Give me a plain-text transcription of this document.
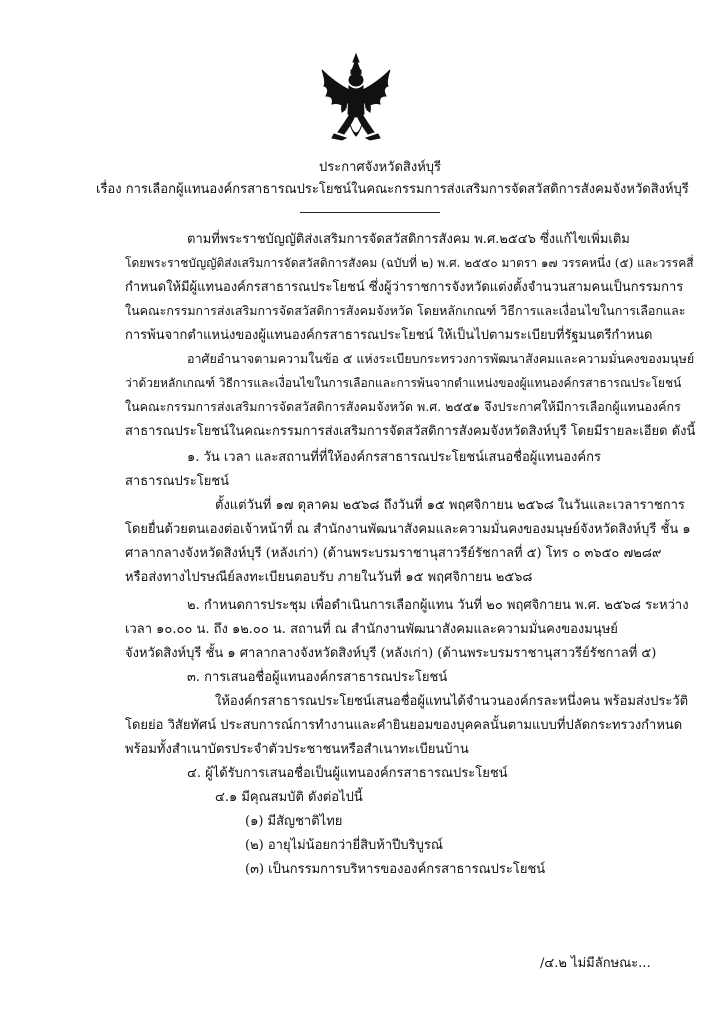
ประกาศจังหวัดสิงห์บุรี
เรื่อง การเลือกผู้แทนองค์กรสาธารณประโยชน์ในคณะกรรมการส่งเสริมการจัดสวัสดิการสังคมจังหวัดสิงห์บุรี
ตามที่พระราชบัญญัติส่งเสริมการจัดสวัสดิการสังคม พ.ศ.๒๕๔๖ ซึ่งแก้ไขเพิ่มเติม
โดยพระราชบัญญัติส่งเสริมการจัดสวัสดิการสังคม (ฉบับที่ ๒) พ.ศ. ๒๕๕๐ มาตรา ๑๗ วรรคหนึ่ง (๕) และวรรคสี่
กำหนดให้มีผู้แทนองค์กรสาธารณประโยชน์ ซึ่งผู้ว่าราชการจังหวัดแต่งตั้งจำนวนสามคนเป็นกรรมการ
ในคณะกรรมการส่งเสริมการจัดสวัสดิการสังคมจังหวัด โดยหลักเกณฑ์ วิธีการและเงื่อนไขในการเลือกและ
การพ้นจากตำแหน่งของผู้แทนองค์กรสาธารณประโยชน์ ให้เป็นไปตามระเบียบที่รัฐมนตรีกำหนด
อาศัยอำนาจตามความในข้อ ๕ แห่งระเบียบกระทรวงการพัฒนาสังคมและความมั่นคงของมนุษย์
ว่าด้วยหลักเกณฑ์ วิธีการและเงื่อนไขในการเลือกและการพ้นจากตำแหน่งของผู้แทนองค์กรสาธารณประโยชน์
ในคณะกรรมการส่งเสริมการจัดสวัสดิการสังคมจังหวัด พ.ศ. ๒๕๕๑ จึงประกาศให้มีการเลือกผู้แทนองค์กร
สาธารณประโยชน์ในคณะกรรมการส่งเสริมการจัดสวัสดิการสังคมจังหวัดสิงห์บุรี โดยมีรายละเอียด ดังนี้
๑. วัน เวลา และสถานที่ที่ให้องค์กรสาธารณประโยชน์เสนอชื่อผู้แทนองค์กร
สาธารณประโยชน์
ตั้งแต่วันที่ ๑๗ ตุลาคม ๒๕๖๘ ถึงวันที่ ๑๕ พฤศจิกายน ๒๕๖๘ ในวันและเวลาราชการ
โดยยื่นด้วยตนเองต่อเจ้าหน้าที่ ณ สำนักงานพัฒนาสังคมและความมั่นคงของมนุษย์จังหวัดสิงห์บุรี ชั้น ๑
ศาลากลางจังหวัดสิงห์บุรี (หลังเก่า) (ด้านพระบรมราชานุสาวรีย์รัชกาลที่ ๕) โทร ๐ ๓๖๕๐ ๗๒๘๙
หรือส่งทางไปรษณีย์ลงทะเบียนตอบรับ ภายในวันที่ ๑๕ พฤศจิกายน ๒๕๖๘
๒. กำหนดการประชุม เพื่อดำเนินการเลือกผู้แทน วันที่ ๒๐ พฤศจิกายน พ.ศ. ๒๕๖๘ ระหว่าง
เวลา ๑๐.๐๐ น. ถึง ๑๒.๐๐ น. สถานที่ ณ สำนักงานพัฒนาสังคมและความมั่นคงของมนุษย์
จังหวัดสิงห์บุรี ชั้น ๑ ศาลากลางจังหวัดสิงห์บุรี (หลังเก่า) (ด้านพระบรมราชานุสาวรีย์รัชกาลที่ ๕)
๓. การเสนอชื่อผู้แทนองค์กรสาธารณประโยชน์
ให้องค์กรสาธารณประโยชน์เสนอชื่อผู้แทนได้จำนวนองค์กรละหนึ่งคน พร้อมส่งประวัติ
โดยย่อ วิสัยทัศน์ ประสบการณ์การทำงานและคำยินยอมของบุคคลนั้นตามแบบที่ปลัดกระทรวงกำหนด
พร้อมทั้งสำเนาบัตรประจำตัวประชาชนหรือสำเนาทะเบียนบ้าน
๔. ผู้ได้รับการเสนอชื่อเป็นผู้แทนองค์กรสาธารณประโยชน์
๔.๑ มีคุณสมบัติ ดังต่อไปนี้
(๑) มีสัญชาติไทย
(๒) อายุไม่น้อยกว่ายี่สิบห้าปีบริบูรณ์
(๓) เป็นกรรมการบริหารขององค์กรสาธารณประโยชน์
/๔.๒ ไม่มีลักษณะ...
